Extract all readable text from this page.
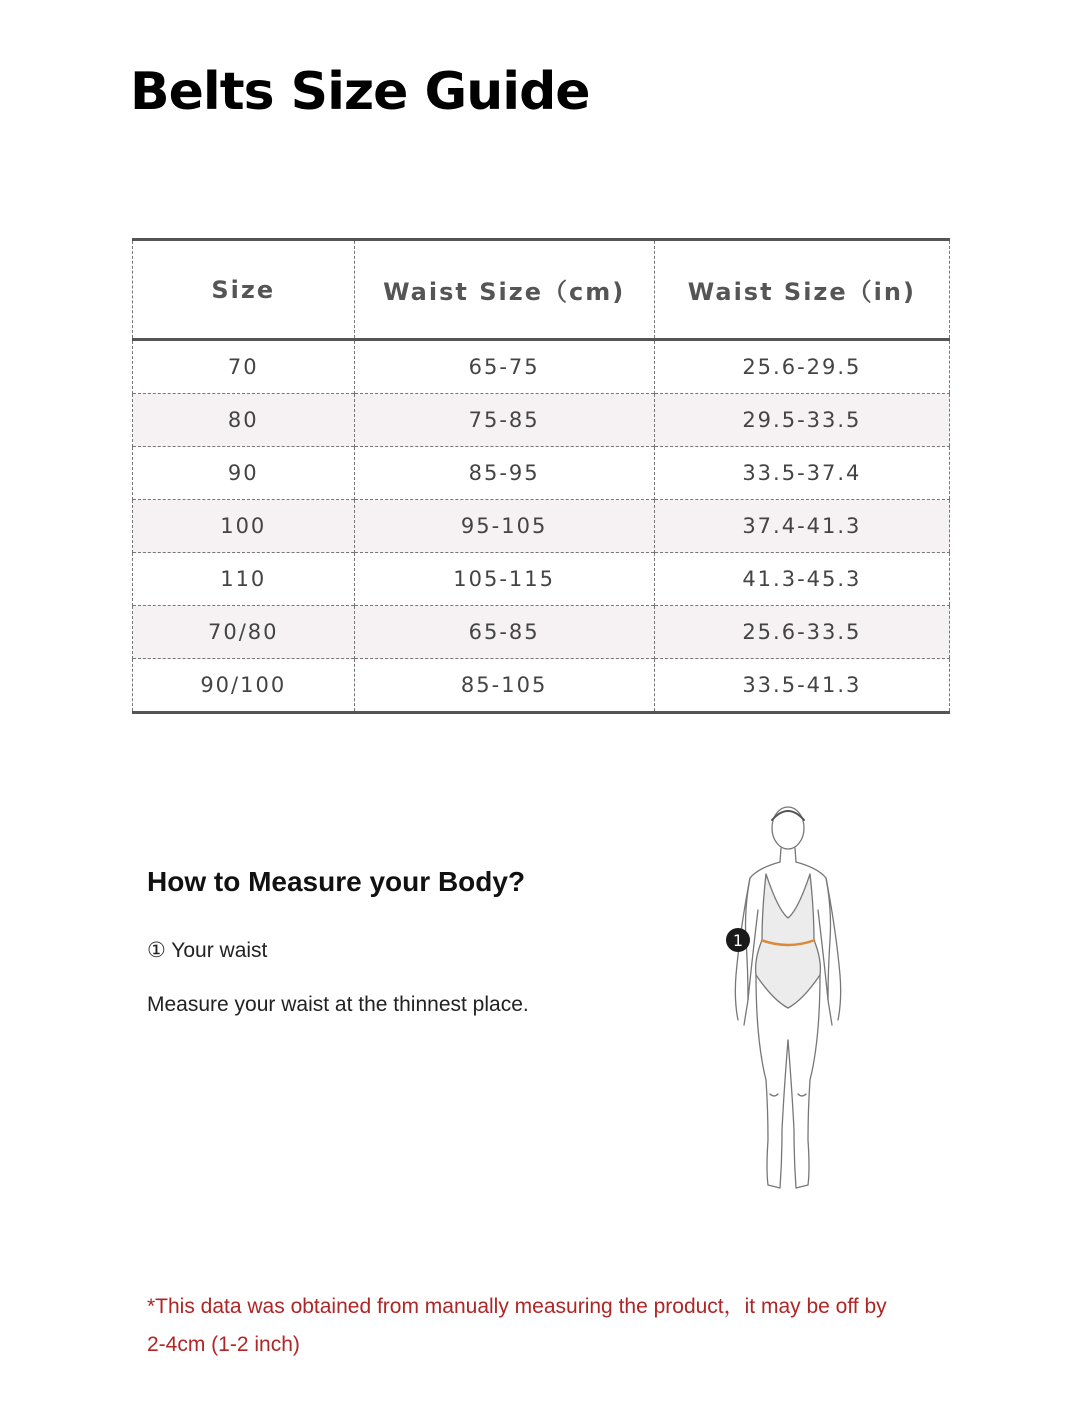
Belts Size Guide
Size	Waist Size（cm)	Waist Size（in)
70	65-75	25.6-29.5
80	75-85	29.5-33.5
90	85-95	33.5-37.4
100	95-105	37.4-41.3
110	105-115	41.3-45.3
70/80	65-85	25.6-33.5
90/100	85-105	33.5-41.3
How to Measure your Body?
① Your waist
Measure your waist at the thinnest place.
1
*This data was obtained from manually measuring the product，it may be off by
2-4cm (1-2 inch)
